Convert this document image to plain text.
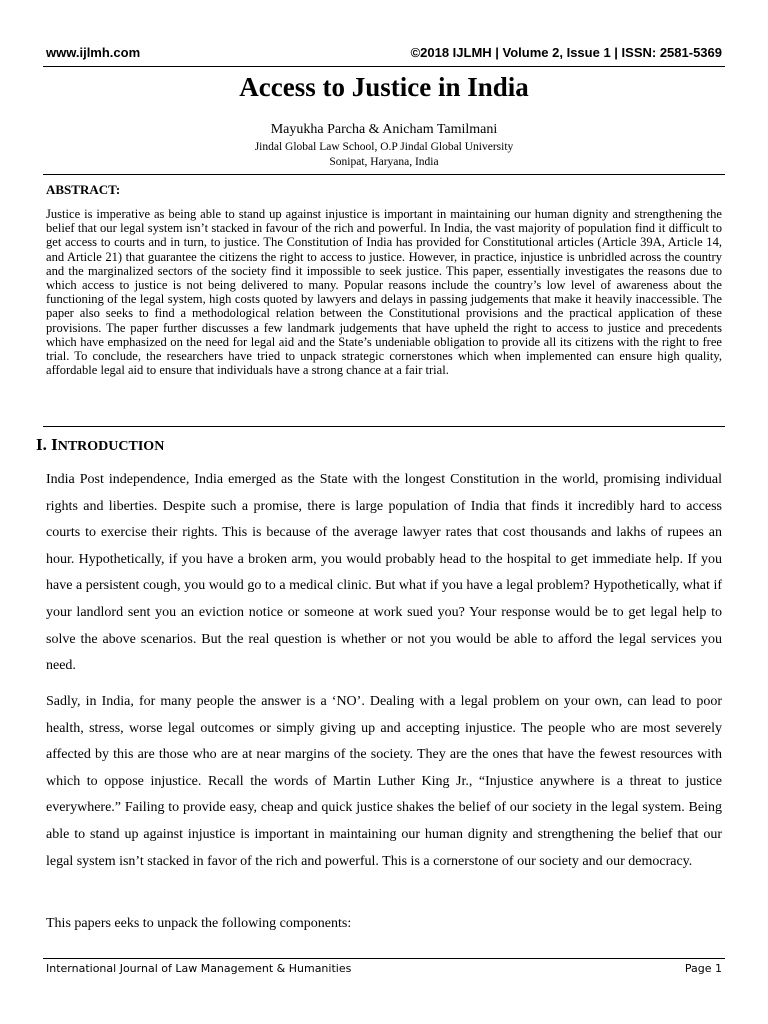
www.ijlmh.com	©2018 IJLMH | Volume 2, Issue 1 | ISSN: 2581-5369
Access to Justice in India
Mayukha Parcha & Anicham Tamilmani
Jindal Global Law School, O.P Jindal Global University
Sonipat, Haryana, India
ABSTRACT:

Justice is imperative as being able to stand up against injustice is important in maintaining our human dignity and strengthening the belief that our legal system isn’t stacked in favour of the rich and powerful. In India, the vast majority of population find it difficult to get access to courts and in turn, to justice. The Constitution of India has provided for Constitutional articles (Article 39A, Article 14, and Article 21) that guarantee the citizens the right to access to justice. However, in practice, injustice is unbridled across the country and the marginalized sectors of the society find it impossible to seek justice. This paper, essentially investigates the reasons due to which access to justice is not being delivered to many. Popular reasons include the country’s low level of awareness about the functioning of the legal system, high costs quoted by lawyers and delays in passing judgements that make it heavily inaccessible. The paper also seeks to find a methodological relation between the Constitutional provisions and the practical application of these provisions. The paper further discusses a few landmark judgements that have upheld the right to access to justice and precedents which have emphasized on the need for legal aid and the State’s undeniable obligation to provide all its citizens with the right to free trial. To conclude, the researchers have tried to unpack strategic cornerstones which when implemented can ensure high quality, affordable legal aid to ensure that individuals have a strong chance at a fair trial.

I. INTRODUCTION

India Post independence, India emerged as the State with the longest Constitution in the world, promising individual rights and liberties. Despite such a promise, there is large population of India that finds it incredibly hard to access courts to exercise their rights. This is because of the average lawyer rates that cost thousands and lakhs of rupees an hour. Hypothetically, if you have a broken arm, you would probably head to the hospital to get immediate help. If you have a persistent cough, you would go to a medical clinic. But what if you have a legal problem? Hypothetically, what if your landlord sent you an eviction notice or someone at work sued you? Your response would be to get legal help to solve the above scenarios. But the real question is whether or not you would be able to afford the legal services you need.

Sadly, in India, for many people the answer is a ‘NO’. Dealing with a legal problem on your own, can lead to poor health, stress, worse legal outcomes or simply giving up and accepting injustice. The people who are most severely affected by this are those who are at near margins of the society. They are the ones that have the fewest resources with which to oppose injustice. Recall the words of Martin Luther King Jr., “Injustice anywhere is a threat to justice everywhere.” Failing to provide easy, cheap and quick justice shakes the belief of our society in the legal system. Being able to stand up against injustice is important in maintaining our human dignity and strengthening the belief that our legal system isn’t stacked in favor of the rich and powerful. This is a cornerstone of our society and our democracy.

This papers eeks to unpack the following components:

International Journal of Law Management & Humanities	Page 1
